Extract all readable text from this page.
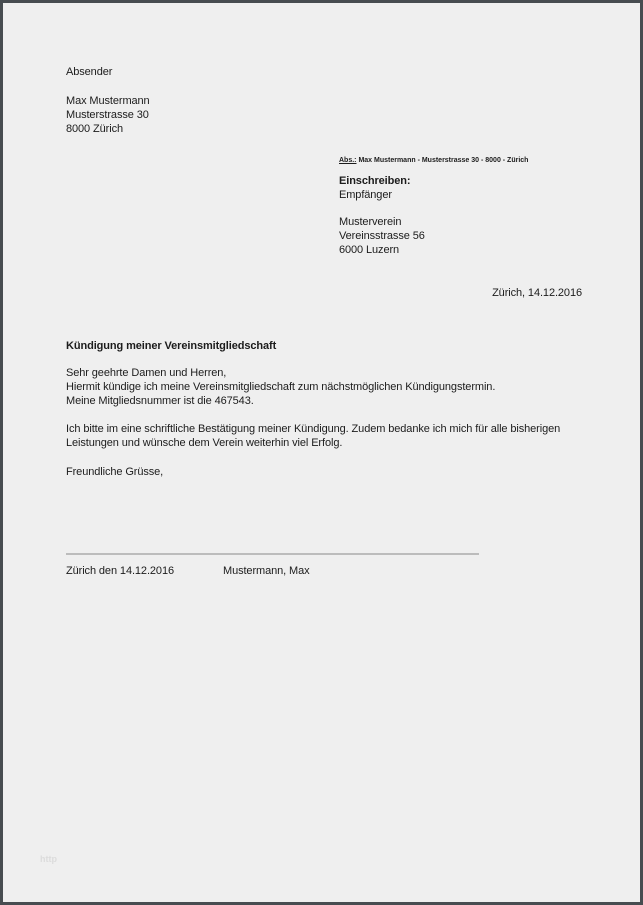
Absender
Max Mustermann
Musterstrasse 30
8000 Zürich
Abs.: Max Mustermann - Musterstrasse 30 - 8000 - Zürich
Einschreiben:
Empfänger
Musterverein
Vereinsstrasse 56
6000 Luzern
Zürich, 14.12.2016
Kündigung meiner Vereinsmitgliedschaft
Sehr geehrte Damen und Herren,
Hiermit kündige ich meine Vereinsmitgliedschaft zum nächstmöglichen Kündigungstermin.
Meine Mitgliedsnummer ist die 467543.
Ich bitte im eine schriftliche Bestätigung meiner Kündigung. Zudem bedanke ich mich für alle bisherigen Leistungen und wünsche dem Verein weiterhin viel Erfolg.
Freundliche Grüsse,
Zürich den 14.12.2016	Mustermann, Max
http
